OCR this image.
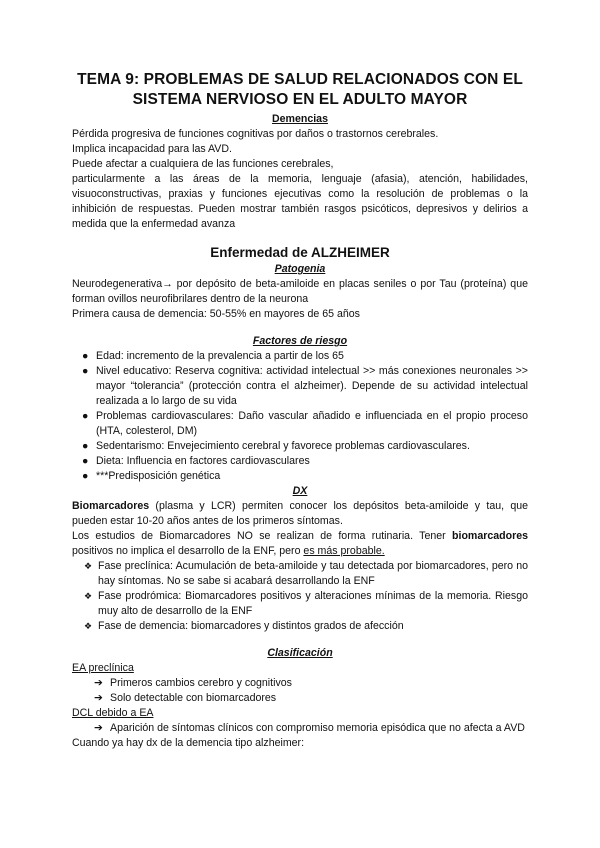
TEMA 9: PROBLEMAS DE SALUD RELACIONADOS CON EL SISTEMA NERVIOSO EN EL ADULTO MAYOR

Demencias

Pérdida progresiva de funciones cognitivas por daños o trastornos cerebrales.

Implica incapacidad para las AVD.

Puede afectar a cualquiera de las funciones cerebrales,

particularmente a las áreas de la memoria, lenguaje (afasia), atención, habilidades, visuoconstructivas, praxias y funciones ejecutivas como la resolución de problemas o la inhibición de respuestas. Pueden mostrar también rasgos psicóticos, depresivos y delirios a medida que la enfermedad avanza

Enfermedad de ALZHEIMER

Patogenia

Neurodegenerativa→ por depósito de beta-amiloide en placas seniles o por Tau (proteína) que forman ovillos neurofibrilares dentro de la neurona

Primera causa de demencia: 50-55% en mayores de 65 años

Factores de riesgo

● Edad: incremento de la prevalencia a partir de los 65
● Nivel educativo: Reserva cognitiva: actividad intelectual >> más conexiones neuronales >> mayor “tolerancia” (protección contra el alzheimer). Depende de su actividad intelectual realizada a lo largo de su vida
● Problemas cardiovasculares: Daño vascular añadido e influenciada en el propio proceso (HTA, colesterol, DM)
● Sedentarismo: Envejecimiento cerebral y favorece problemas cardiovasculares.
● Dieta: Influencia en factores cardiovasculares
● ***Predisposición genética

DX

Biomarcadores (plasma y LCR) permiten conocer los depósitos beta-amiloide y tau, que pueden estar 10-20 años antes de los primeros síntomas.

Los estudios de Biomarcadores NO se realizan de forma rutinaria. Tener biomarcadores positivos no implica el desarrollo de la ENF, pero es más probable.

❖ Fase preclínica: Acumulación de beta-amiloide y tau detectada por biomarcadores, pero no hay síntomas. No se sabe si acabará desarrollando la ENF
❖ Fase prodrómica: Biomarcadores positivos y alteraciones mínimas de la memoria. Riesgo muy alto de desarrollo de la ENF
❖ Fase de demencia: biomarcadores y distintos grados de afección

Clasificación

EA preclínica

➔ Primeros cambios cerebro y cognitivos
➔ Solo detectable con biomarcadores

DCL debido a EA

➔ Aparición de síntomas clínicos con compromiso memoria episódica que no afecta a AVD

Cuando ya hay dx de la demencia tipo alzheimer:
